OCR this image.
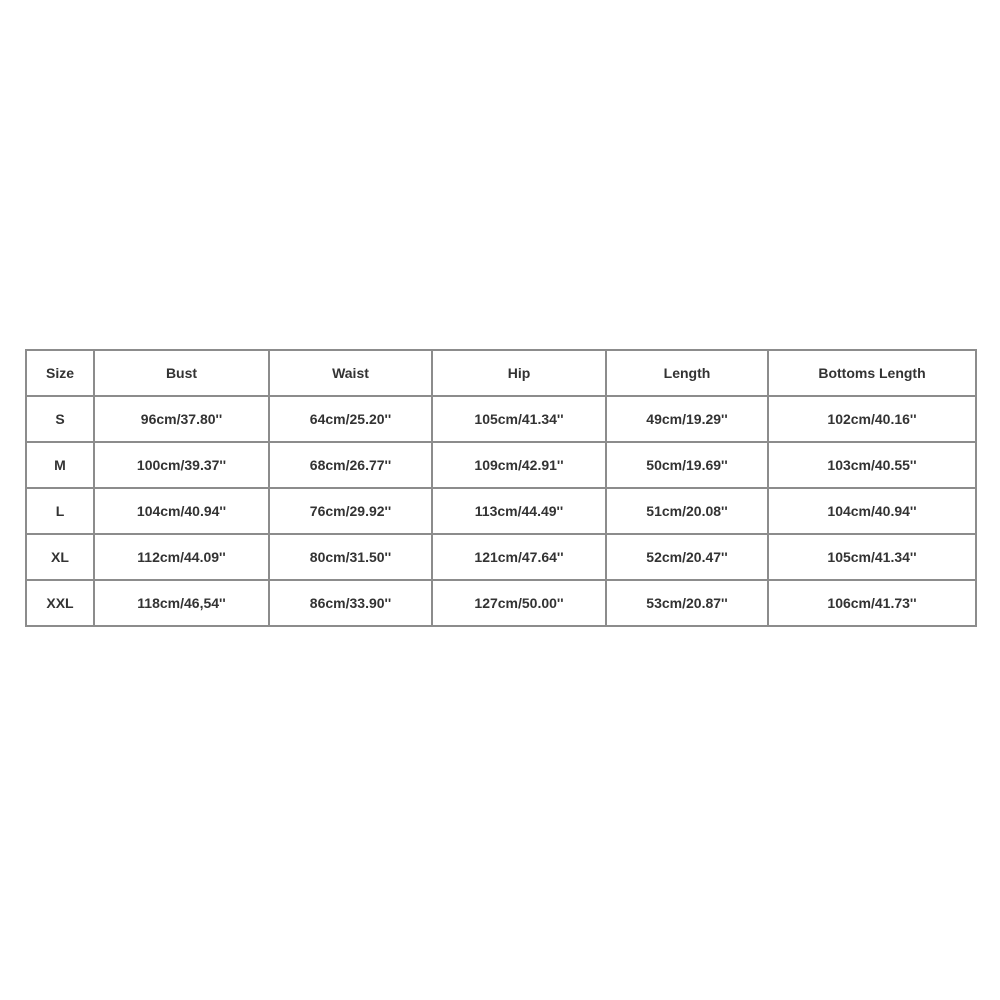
Size	Bust	Waist	Hip	Length	Bottoms Length
S	96cm/37.80''	64cm/25.20''	105cm/41.34''	49cm/19.29''	102cm/40.16''
M	100cm/39.37''	68cm/26.77''	109cm/42.91''	50cm/19.69''	103cm/40.55''
L	104cm/40.94''	76cm/29.92''	113cm/44.49''	51cm/20.08''	104cm/40.94''
XL	112cm/44.09''	80cm/31.50''	121cm/47.64''	52cm/20.47''	105cm/41.34''
XXL	118cm/46,54''	86cm/33.90''	127cm/50.00''	53cm/20.87''	106cm/41.73''
